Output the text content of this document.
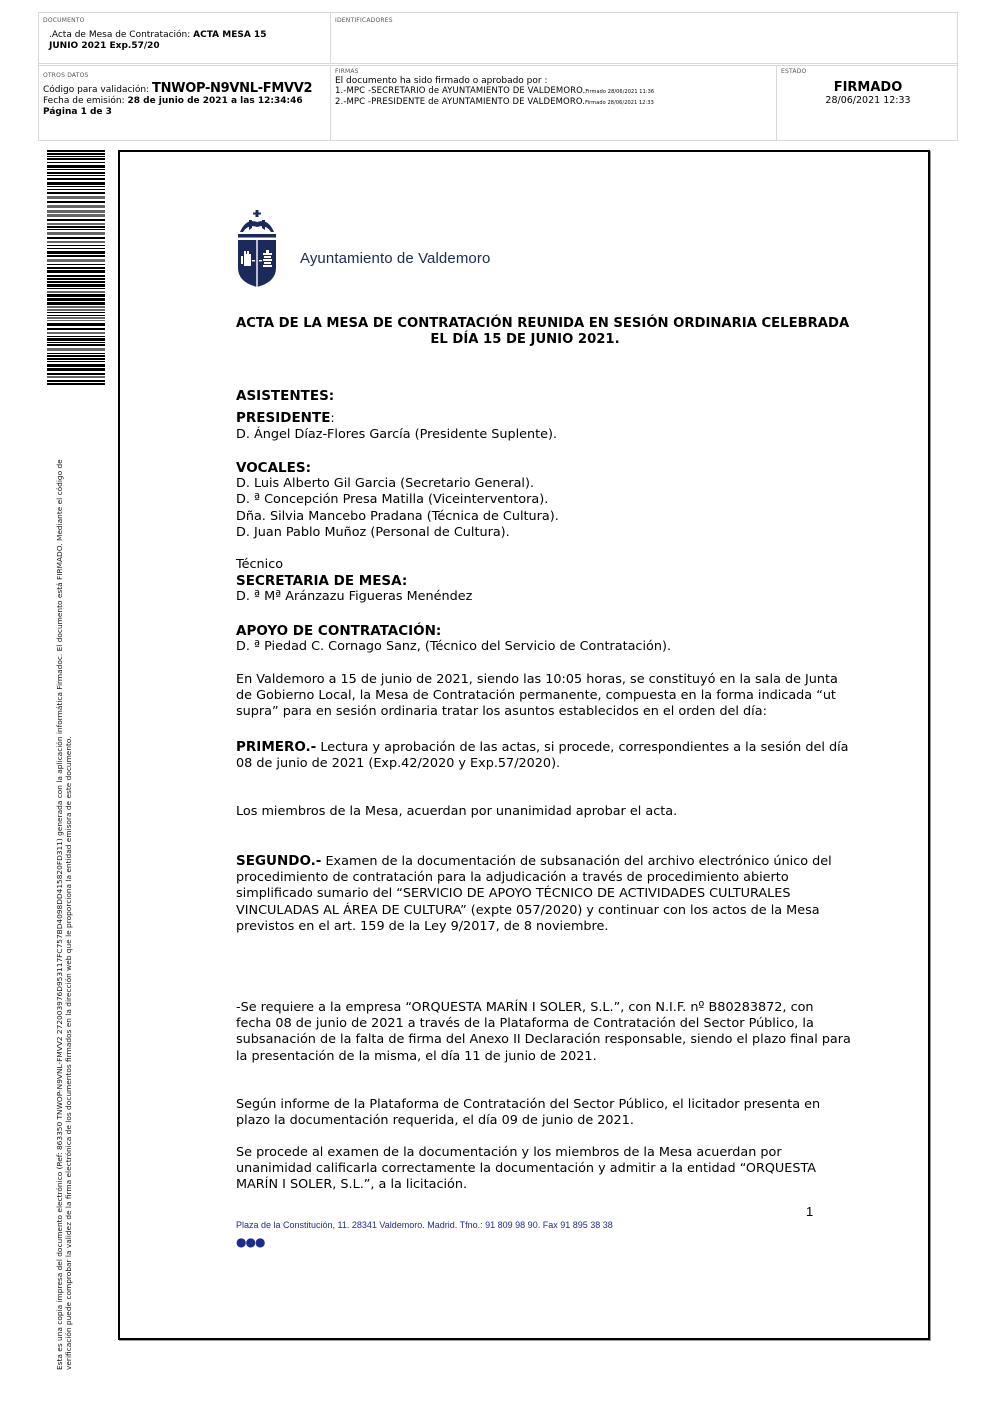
DOCUMENTO
.Acta de Mesa de Contratación: ACTA MESA 15 JUNIO 2021 Exp.57/20
IDENTIFICADORES
OTROS DATOS
Código para validación: TNWOP-N9VNL-FMVV2
Fecha de emisión: 28 de junio de 2021 a las 12:34:46
Página 1 de 3
FIRMAS
El documento ha sido firmado o aprobado por :
1.-MPC -SECRETARIO de AYUNTAMIENTO DE VALDEMORO.Firmado 28/06/2021 11:36
2.-MPC -PRESIDENTE de AYUNTAMIENTO DE VALDEMORO.Firmado 28/06/2021 12:33
ESTADO
FIRMADO
28/06/2021 12:33
Esta es una copia impresa del documento electrónico (Ref: 863350 TNWOP-N9VNL-FMVV2 272003976D953117FC757BD4098DD415820FD311) generada con la aplicación informática Firmadoc. El documento está FIRMADO. Mediante el código de verificación puede comprobar la validez de la firma electrónica de los documentos firmados en la dirección web que le proporciona la entidad emisora de este documento.
Ayuntamiento de Valdemoro
ACTA DE LA MESA DE CONTRATACIÓN REUNIDA EN SESIÓN ORDINARIA CELEBRADA
EL DÍA 15 DE JUNIO 2021.
ASISTENTES:
PRESIDENTE:
D. Ángel Díaz-Flores García (Presidente Suplente).
VOCALES:
D. Luis Alberto Gil Garcia (Secretario General).
D. ª Concepción Presa Matilla (Viceinterventora).
Dña. Silvia Mancebo Pradana (Técnica de Cultura).
D. Juan Pablo Muñoz (Personal de Cultura).
Técnico
SECRETARIA DE MESA:
D. ª Mª Aránzazu Figueras Menéndez
APOYO DE CONTRATACIÓN:
D. ª Piedad C. Cornago Sanz, (Técnico del Servicio de Contratación).
En Valdemoro a 15 de junio de 2021, siendo las 10:05 horas, se constituyó en la sala de Junta
de Gobierno Local, la Mesa de Contratación permanente, compuesta en la forma indicada “ut
supra” para en sesión ordinaria tratar los asuntos establecidos en el orden del día:
PRIMERO.- Lectura y aprobación de las actas, si procede, correspondientes a la sesión del día
08 de junio de 2021 (Exp.42/2020 y Exp.57/2020).
Los miembros de la Mesa, acuerdan por unanimidad aprobar el acta.
SEGUNDO.- Examen de la documentación de subsanación del archivo electrónico único del
procedimiento de contratación para la adjudicación a través de procedimiento abierto
simplificado sumario del “SERVICIO DE APOYO TÉCNICO DE ACTIVIDADES CULTURALES
VINCULADAS AL ÁREA DE CULTURA” (expte 057/2020) y continuar con los actos de la Mesa
previstos en el art. 159 de la Ley 9/2017, de 8 noviembre.
-Se requiere a la empresa “ORQUESTA MARÍN I SOLER, S.L.”, con N.I.F. nº B80283872, con
fecha 08 de junio de 2021 a través de la Plataforma de Contratación del Sector Público, la
subsanación de la falta de firma del Anexo II Declaración responsable, siendo el plazo final para
la presentación de la misma, el día 11 de junio de 2021.
Según informe de la Plataforma de Contratación del Sector Público, el licitador presenta en
plazo la documentación requerida, el día 09 de junio de 2021.
Se procede al examen de la documentación y los miembros de la Mesa acuerdan por
unanimidad calificarla correctamente la documentación y admitir a la entidad “ORQUESTA
MARÍN I SOLER, S.L.”, a la licitación.
1
Plaza de la Constitución, 11. 28341 Valdemoro. Madrid. Tfno.: 91 809 98 90. Fax 91 895 38 38
●●●
